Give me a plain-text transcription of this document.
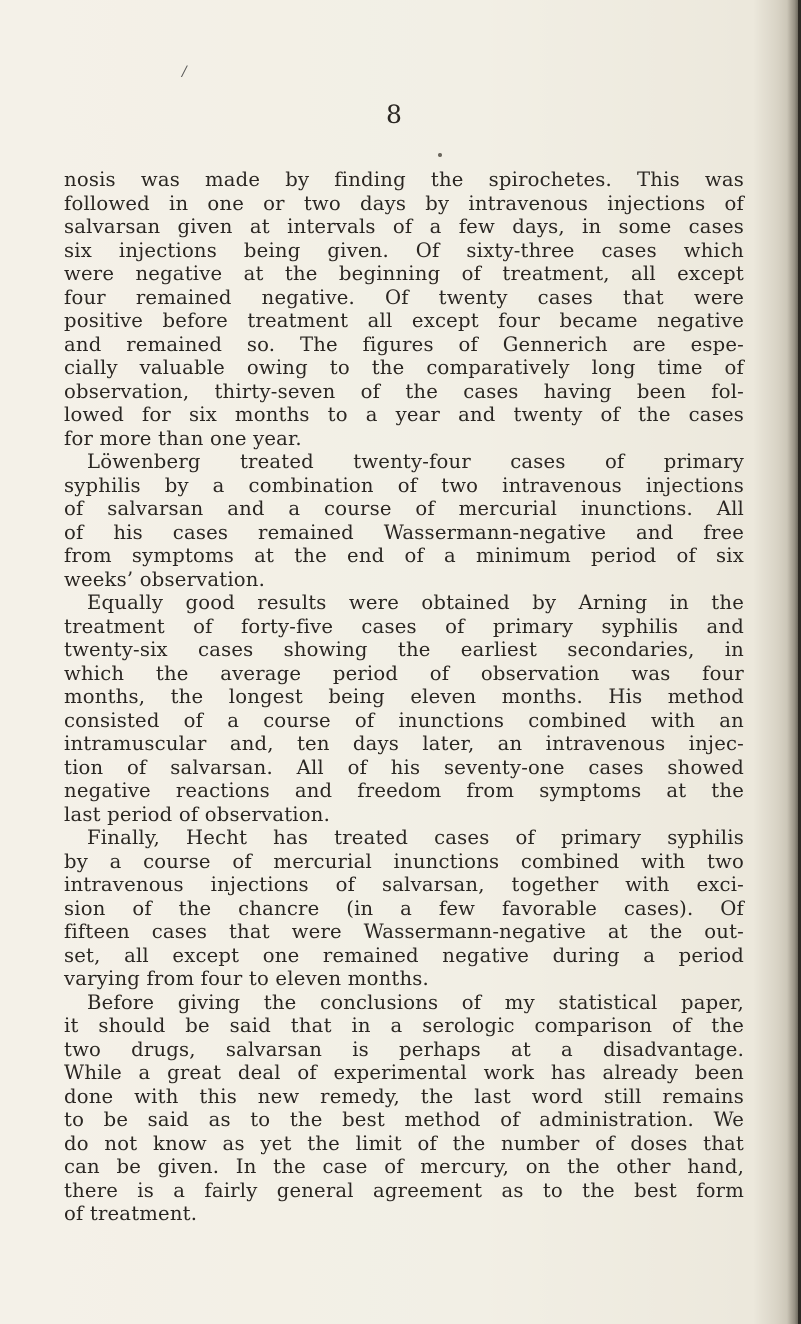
/
8
nosis was made by finding the spirochetes. This was
followed in one or two days by intravenous injections of
salvarsan given at intervals of a few days, in some cases
six injections being given. Of sixty-three cases which
were negative at the beginning of treatment, all except
four remained negative. Of twenty cases that were
positive before treatment all except four became negative
and remained so. The figures of Gennerich are espe-
cially valuable owing to the comparatively long time of
observation, thirty-seven of the cases having been fol-
lowed for six months to a year and twenty of the cases
for more than one year.
Löwenberg treated twenty-four cases of primary
syphilis by a combination of two intravenous injections
of salvarsan and a course of mercurial inunctions. All
of his cases remained Wassermann-negative and free
from symptoms at the end of a minimum period of six
weeks’ observation.
Equally good results were obtained by Arning in the
treatment of forty-five cases of primary syphilis and
twenty-six cases showing the earliest secondaries, in
which the average period of observation was four
months, the longest being eleven months. His method
consisted of a course of inunctions combined with an
intramuscular and, ten days later, an intravenous injec-
tion of salvarsan. All of his seventy-one cases showed
negative reactions and freedom from symptoms at the
last period of observation.
Finally, Hecht has treated cases of primary syphilis
by a course of mercurial inunctions combined with two
intravenous injections of salvarsan, together with exci-
sion of the chancre (in a few favorable cases). Of
fifteen cases that were Wassermann-negative at the out-
set, all except one remained negative during a period
varying from four to eleven months.
Before giving the conclusions of my statistical paper,
it should be said that in a serologic comparison of the
two drugs, salvarsan is perhaps at a disadvantage.
While a great deal of experimental work has already been
done with this new remedy, the last word still remains
to be said as to the best method of administration. We
do not know as yet the limit of the number of doses that
can be given. In the case of mercury, on the other hand,
there is a fairly general agreement as to the best form
of treatment.
